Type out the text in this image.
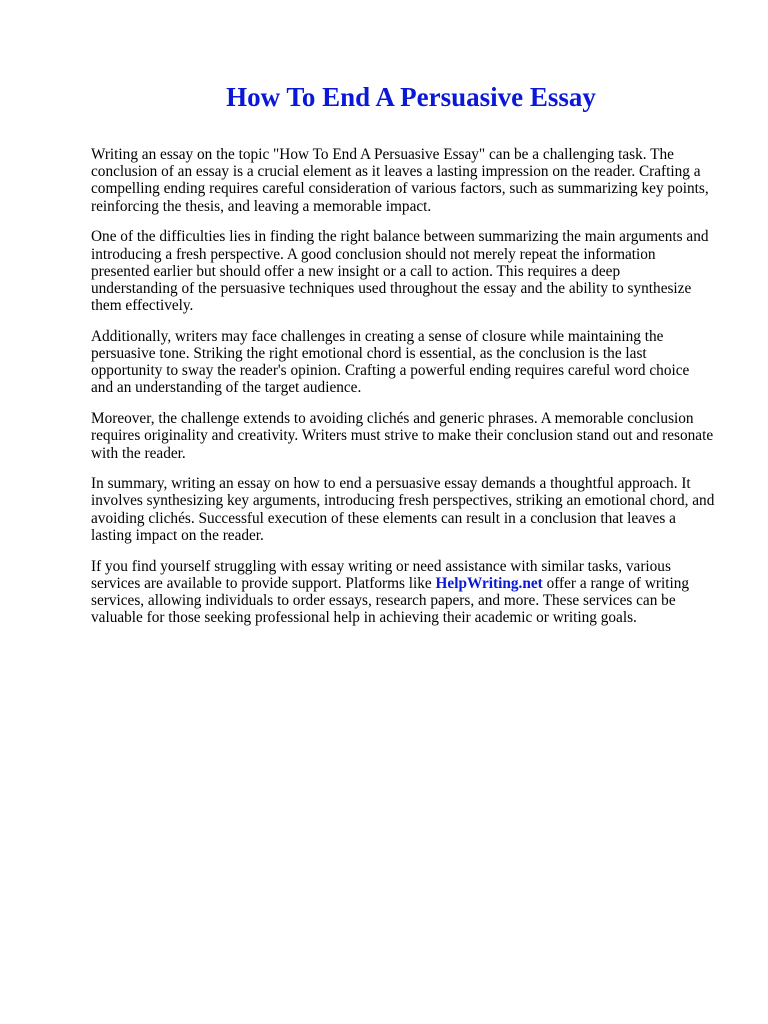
How To End A Persuasive Essay

Writing an essay on the topic "How To End A Persuasive Essay" can be a challenging task. The
conclusion of an essay is a crucial element as it leaves a lasting impression on the reader. Crafting a
compelling ending requires careful consideration of various factors, such as summarizing key points,
reinforcing the thesis, and leaving a memorable impact.

One of the difficulties lies in finding the right balance between summarizing the main arguments and
introducing a fresh perspective. A good conclusion should not merely repeat the information
presented earlier but should offer a new insight or a call to action. This requires a deep
understanding of the persuasive techniques used throughout the essay and the ability to synthesize
them effectively.

Additionally, writers may face challenges in creating a sense of closure while maintaining the
persuasive tone. Striking the right emotional chord is essential, as the conclusion is the last
opportunity to sway the reader's opinion. Crafting a powerful ending requires careful word choice
and an understanding of the target audience.

Moreover, the challenge extends to avoiding clichés and generic phrases. A memorable conclusion
requires originality and creativity. Writers must strive to make their conclusion stand out and resonate
with the reader.

In summary, writing an essay on how to end a persuasive essay demands a thoughtful approach. It
involves synthesizing key arguments, introducing fresh perspectives, striking an emotional chord, and
avoiding clichés. Successful execution of these elements can result in a conclusion that leaves a
lasting impact on the reader.

If you find yourself struggling with essay writing or need assistance with similar tasks, various
services are available to provide support. Platforms like HelpWriting.net offer a range of writing
services, allowing individuals to order essays, research papers, and more. These services can be
valuable for those seeking professional help in achieving their academic or writing goals.
